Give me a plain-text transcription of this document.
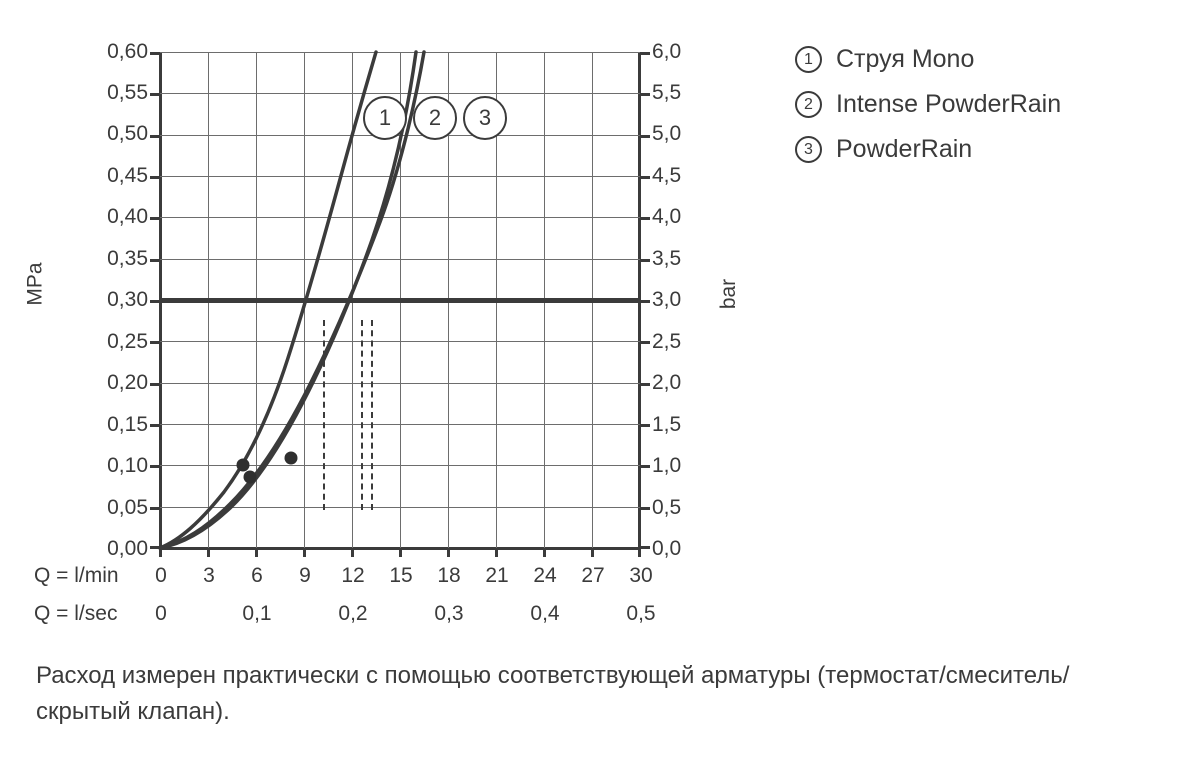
MPa	bar
0,60
0,55
0,50
0,45
0,40
0,35
0,30
0,25
0,20
0,15
0,10
0,05
0,00
6,0
5,5
5,0
4,5
4,0
3,5
3,0
2,5
2,0
1,5
1,0
0,5
0,0
1	2	3
Q = l/min 0 3 6 9 12 15 18 21 24 27 30
Q = l/sec 0	0,1	0,2	0,3	0,4	0,5
1 Струя Mono
2 Intense PowderRain
3 PowderRain
Расход измерен практически с помощью соответствующей арматуры (термостат/смеситель/скрытый клапан).
